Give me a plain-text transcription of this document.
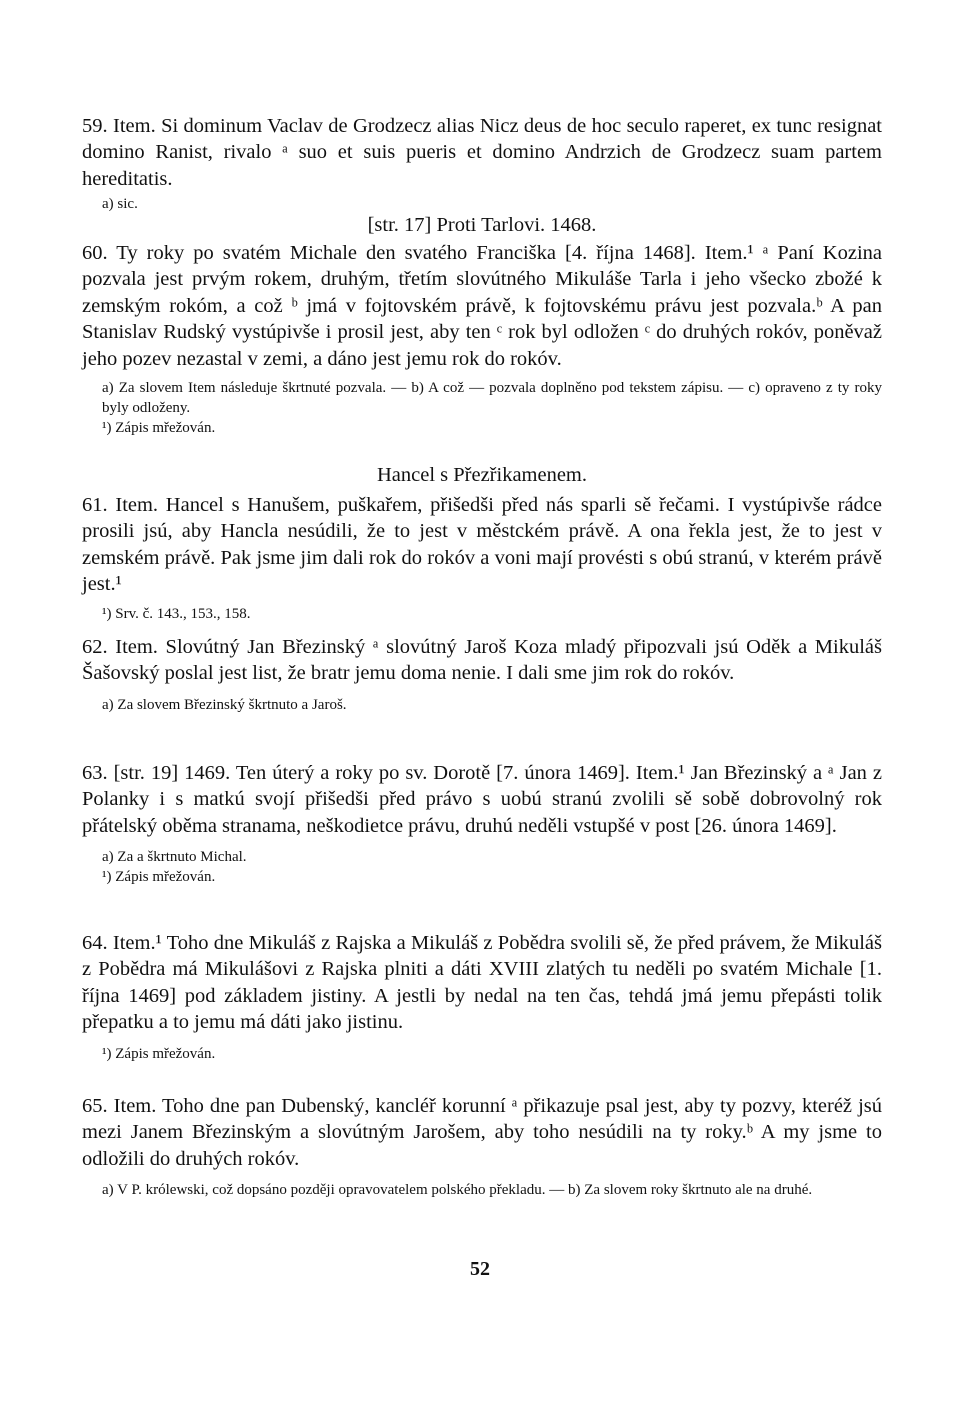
59. Item. Si dominum Vaclav de Grodzecz alias Nicz deus de hoc seculo raperet, ex tunc resignat domino Ranist, rivalo ᵃ suo et suis pueris et domino Andrzich de Grodzecz suam partem hereditatis.

a) sic.

[str. 17] Proti Tarlovi. 1468.

60. Ty roky po svatém Michale den svatého Franciška [4. října 1468]. Item.¹ ᵃ Paní Kozina pozvala jest prvým rokem, druhým, třetím slovútného Mikuláše Tarla i jeho všecko zbožé k zemským rokóm, a což ᵇ jmá v fojtovském právě, k fojtovskému právu jest pozvala.ᵇ A pan Stanislav Rudský vystúpivše i prosil jest, aby ten ᶜ rok byl odložen ᶜ do druhých rokóv, poněvaž jeho pozev nezastal v zemi, a dáno jest jemu rok do rokóv.

a) Za slovem Item následuje škrtnuté pozvala. — b) A což — pozvala doplněno pod tekstem zápisu. — c) opraveno z ty roky byly odloženy.

¹) Zápis mřežován.

Hancel s Přezřikamenem.

61. Item. Hancel s Hanušem, puškařem, přišedši před nás sparli sě řečami. I vystúpivše rádce prosili jsú, aby Hancla nesúdili, že to jest v městckém právě. A ona řekla jest, že to jest v zemském právě. Pak jsme jim dali rok do rokóv a voni mají provésti s obú stranú, v kterém právě jest.¹

¹) Srv. č. 143., 153., 158.

62. Item. Slovútný Jan Březinský ᵃ slovútný Jaroš Koza mladý připozvali jsú Oděk a Mikuláš Šašovský poslal jest list, že bratr jemu doma nenie. I dali sme jim rok do rokóv.

a) Za slovem Březinský škrtnuto a Jaroš.

63. [str. 19] 1469. Ten úterý a roky po sv. Dorotě [7. února 1469]. Item.¹ Jan Březinský a ᵃ Jan z Polanky i s matkú svojí přišedši před právo s uobú stranú zvolili sě sobě dobrovolný rok přátelský oběma stranama, neškodietce právu, druhú neděli vstupšé v post [26. února 1469].

a) Za a škrtnuto Michal.

¹) Zápis mřežován.

64. Item.¹ Toho dne Mikuláš z Rajska a Mikuláš z Pobědra svolili sě, že před právem, že Mikuláš z Pobědra má Mikulášovi z Rajska plniti a dáti XVIII zlatých tu neděli po svatém Michale [1. října 1469] pod základem jistiny. A jestli by nedal na ten čas, tehdá jmá jemu přepásti tolik přepatku a to jemu má dáti jako jistinu.

¹) Zápis mřežován.

65. Item. Toho dne pan Dubenský, kancléř korunní ᵃ přikazuje psal jest, aby ty pozvy, kteréž jsú mezi Janem Březinským a slovútným Jarošem, aby toho nesúdili na ty roky.ᵇ A my jsme to odložili do druhých rokóv.

a) V P. królewski, což dopsáno později opravovatelem polského překladu. — b) Za slovem roky škrtnuto ale na druhé.

52
